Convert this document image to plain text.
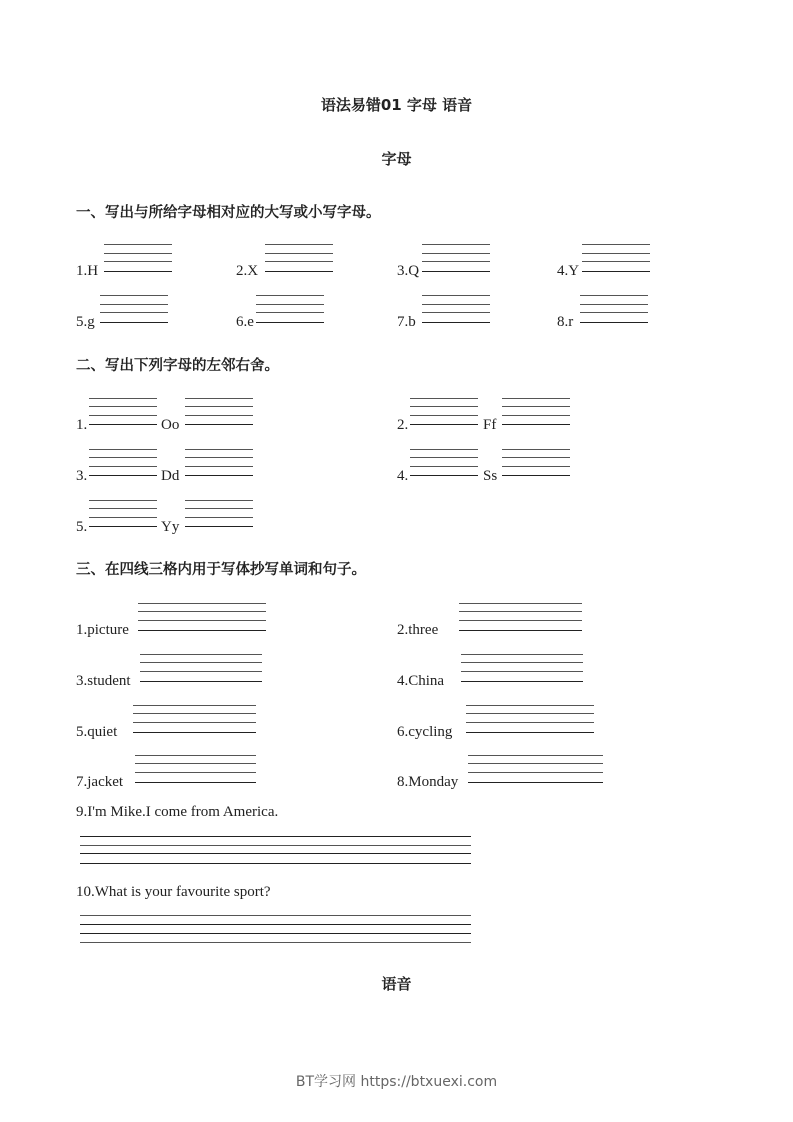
语法易错01 字母 语音
字母
一、写出与所给字母相对应的大写或小写字母。
1.H	2.X	3.Q	4.Y
5.g	6.e	7.b	8.r
二、写出下列字母的左邻右舍。
1.	Oo	2.	Ff
3.	Dd	4.	Ss
5.	Yy
三、在四线三格内用于写体抄写单词和句子。
1.picture	2.three
3.student	4.China
5.quiet	6.cycling
7.jacket	8.Monday
9.I'm Mike.I come from America.
10.What is your favourite sport?
语音
BT学习网 https://btxuexi.com
